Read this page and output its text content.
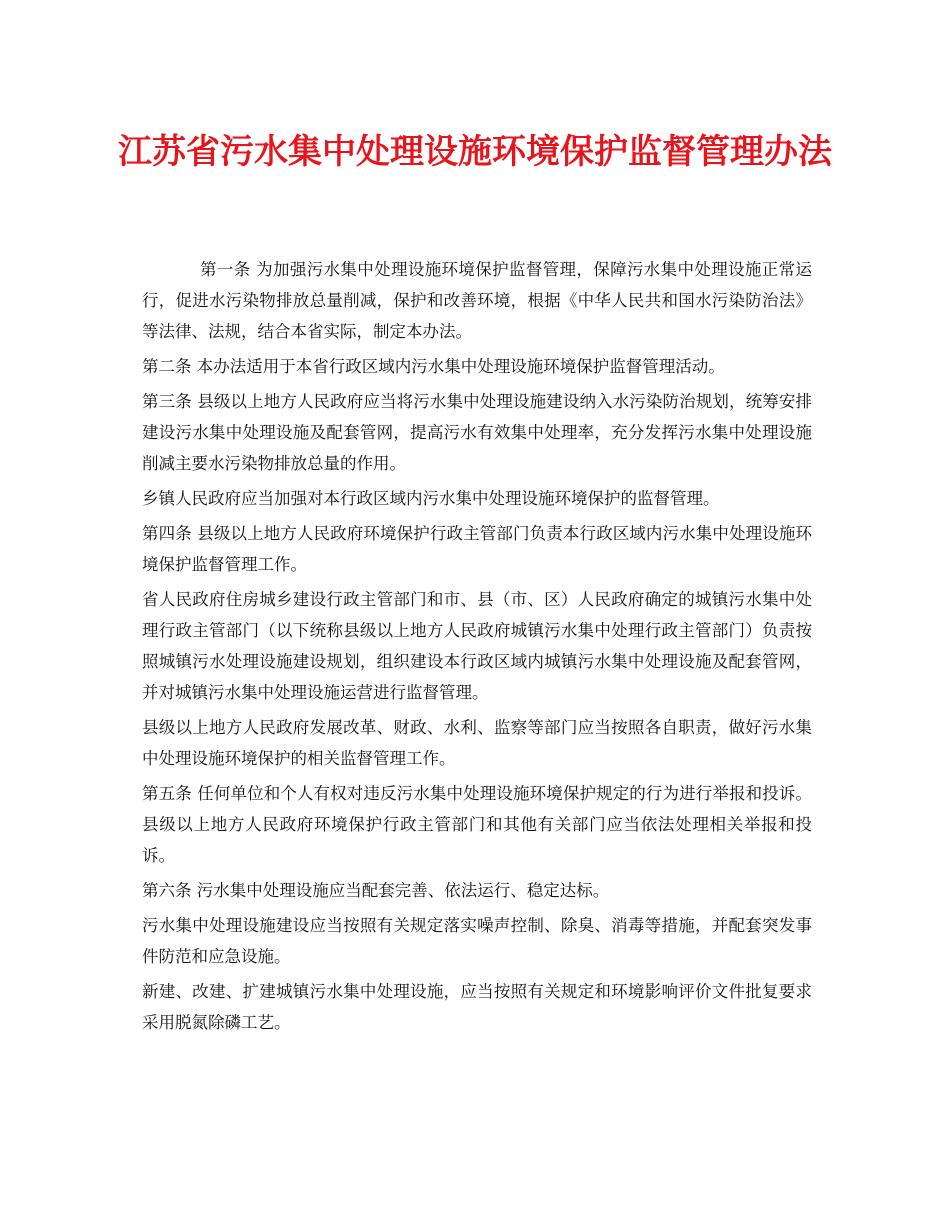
江苏省污水集中处理设施环境保护监督管理办法

第一条 为加强污水集中处理设施环境保护监督管理，保障污水集中处理设施正常运行，促进水污染物排放总量削减，保护和改善环境，根据《中华人民共和国水污染防治法》等法律、法规，结合本省实际，制定本办法。

第二条 本办法适用于本省行政区域内污水集中处理设施环境保护监督管理活动。

第三条 县级以上地方人民政府应当将污水集中处理设施建设纳入水污染防治规划，统筹安排建设污水集中处理设施及配套管网，提高污水有效集中处理率，充分发挥污水集中处理设施削减主要水污染物排放总量的作用。

乡镇人民政府应当加强对本行政区域内污水集中处理设施环境保护的监督管理。

第四条 县级以上地方人民政府环境保护行政主管部门负责本行政区域内污水集中处理设施环境保护监督管理工作。

省人民政府住房城乡建设行政主管部门和市、县（市、区）人民政府确定的城镇污水集中处理行政主管部门（以下统称县级以上地方人民政府城镇污水集中处理行政主管部门）负责按照城镇污水处理设施建设规划，组织建设本行政区域内城镇污水集中处理设施及配套管网，并对城镇污水集中处理设施运营进行监督管理。

县级以上地方人民政府发展改革、财政、水利、监察等部门应当按照各自职责，做好污水集中处理设施环境保护的相关监督管理工作。

第五条 任何单位和个人有权对违反污水集中处理设施环境保护规定的行为进行举报和投诉。县级以上地方人民政府环境保护行政主管部门和其他有关部门应当依法处理相关举报和投诉。

第六条 污水集中处理设施应当配套完善、依法运行、稳定达标。

污水集中处理设施建设应当按照有关规定落实噪声控制、除臭、消毒等措施，并配套突发事件防范和应急设施。

新建、改建、扩建城镇污水集中处理设施，应当按照有关规定和环境影响评价文件批复要求采用脱氮除磷工艺。
